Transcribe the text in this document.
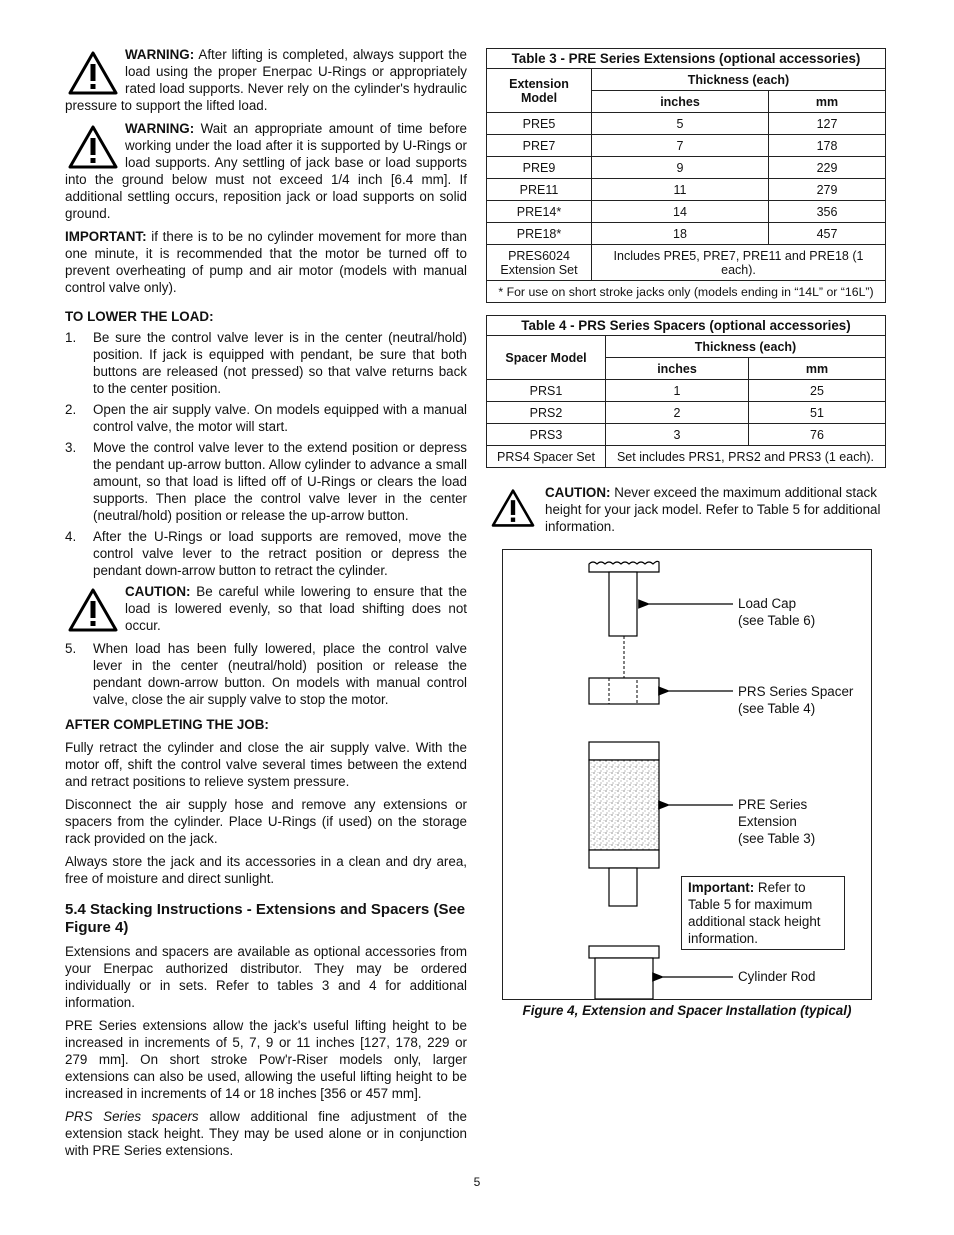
WARNING: After lifting is completed, always support the load using the proper Enerpac U-Rings or appropriately rated load supports. Never rely on the cylinder's hydraulic pressure to support the lifted load.
WARNING: Wait an appropriate amount of time before working under the load after it is supported by U-Rings or load supports. Any settling of jack base or load supports into the ground below must not exceed 1/4 inch [6.4 mm]. If additional settling occurs, reposition jack or load supports on solid ground.

IMPORTANT: if there is to be no cylinder movement for more than one minute, it is recommended that the motor be turned off to prevent overheating of pump and air motor (models with manual control valve only).

TO LOWER THE LOAD:
1. Be sure the control valve lever is in the center (neutral/hold) position. If jack is equipped with pendant, be sure that both buttons are released (not pressed) so that valve returns back to the center position.
2. Open the air supply valve. On models equipped with a manual control valve, the motor will start.
3. Move the control valve lever to the extend position or depress the pendant up-arrow button. Allow cylinder to advance a small amount, so that load is lifted off of U-Rings or clears the load supports. Then place the control valve lever in the center (neutral/hold) position or release the up-arrow button.
4. After the U-Rings or load supports are removed, move the control valve lever to the retract position or depress the pendant down-arrow button to retract the cylinder.
CAUTION: Be careful while lowering to ensure that the load is lowered evenly, so that load shifting does not occur.
5. When load has been fully lowered, place the control valve lever in the center (neutral/hold) position or release the pendant down-arrow button. On models with manual control valve, close the air supply valve to stop the motor.
AFTER COMPLETING THE JOB:

Fully retract the cylinder and close the air supply valve. With the motor off, shift the control valve several times between the extend and retract positions to relieve system pressure.

Disconnect the air supply hose and remove any extensions or spacers from the cylinder. Place U-Rings (if used) on the storage rack provided on the jack.

Always store the jack and its accessories in a clean and dry area, free of moisture and direct sunlight.

5.4 Stacking Instructions - Extensions and Spacers (See Figure 4)

Extensions and spacers are available as optional accessories from your Enerpac authorized distributor. They may be ordered individually or in sets. Refer to tables 3 and 4 for additional information.

PRE Series extensions allow the jack's useful lifting height to be increased in increments of 5, 7, 9 or 11 inches [127, 178, 229 or 279 mm]. On short stroke Pow'r-Riser models only, larger extensions can also be used, allowing the useful lifting height to be increased in increments of 14 or 18 inches [356 or 457 mm].

PRS Series spacers allow additional fine adjustment of the extension stack height. They may be used alone or in conjunction with PRE Series extensions.

Table 3 - PRE Series Extensions (optional accessories)
Extension Model	Thickness (each)	
	inches	mm
PRE5	5	127
PRE7	7	178
PRE9	9	229
PRE11	11	279
PRE14*	14	356
PRE18*	18	457
PRES6024 Extension Set	Includes PRE5, PRE7, PRE11 and PRE18 (1 each).	
* For use on short stroke jacks only (models ending in “14L” or “16L”)		
Table 4 - PRS Series Spacers (optional accessories)
Spacer Model	Thickness (each)	
	inches	mm
PRS1	1	25
PRS2	2	51
PRS3	3	76
PRS4 Spacer Set	Set includes PRS1, PRS2 and PRS3 (1 each).	
CAUTION: Never exceed the maximum additional stack height for your jack model. Refer to Table 5 for additional information.
Load Cap
(see Table 6)
PRS Series Spacer
(see Table 4)
PRE Series
Extension
(see Table 3)
Important: Refer to Table 5 for maximum additional stack height information.
Cylinder Rod
Figure 4, Extension and Spacer Installation (typical)
5
